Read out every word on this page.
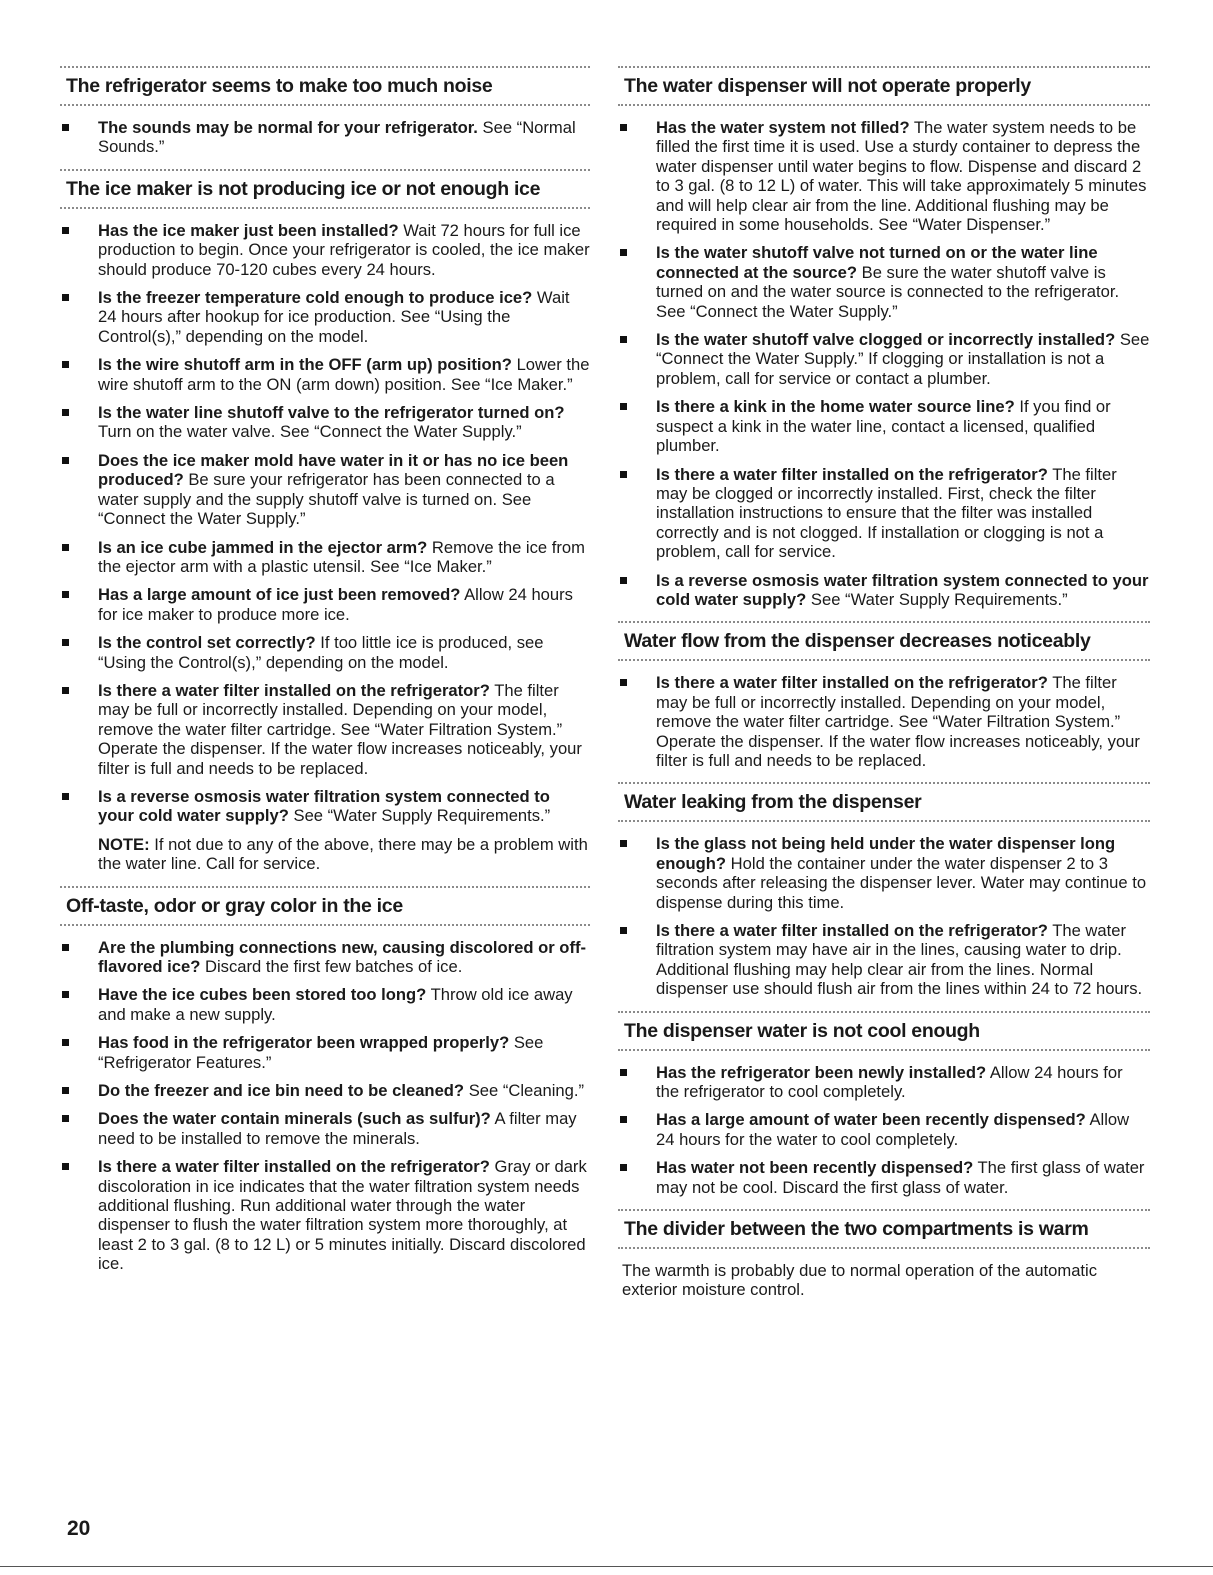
The refrigerator seems to make too much noise
The sounds may be normal for your refrigerator. See “Normal Sounds.”
The ice maker is not producing ice or not enough ice
Has the ice maker just been installed? Wait 72 hours for full ice production to begin. Once your refrigerator is cooled, the ice maker should produce 70-120 cubes every 24 hours.
Is the freezer temperature cold enough to produce ice? Wait 24 hours after hookup for ice production. See “Using the Control(s),” depending on the model.
Is the wire shutoff arm in the OFF (arm up) position? Lower the wire shutoff arm to the ON (arm down) position. See “Ice Maker.”
Is the water line shutoff valve to the refrigerator turned on? Turn on the water valve. See “Connect the Water Supply.”
Does the ice maker mold have water in it or has no ice been produced? Be sure your refrigerator has been connected to a water supply and the supply shutoff valve is turned on. See “Connect the Water Supply.”
Is an ice cube jammed in the ejector arm? Remove the ice from the ejector arm with a plastic utensil. See “Ice Maker.”
Has a large amount of ice just been removed? Allow 24 hours for ice maker to produce more ice.
Is the control set correctly? If too little ice is produced, see “Using the Control(s),” depending on the model.
Is there a water filter installed on the refrigerator? The filter may be full or incorrectly installed. Depending on your model, remove the water filter cartridge. See “Water Filtration System.” Operate the dispenser. If the water flow increases noticeably, your filter is full and needs to be replaced.
Is a reverse osmosis water filtration system connected to your cold water supply? See “Water Supply Requirements.”

NOTE: If not due to any of the above, there may be a problem with the water line. Call for service.

Off-taste, odor or gray color in the ice
Are the plumbing connections new, causing discolored or off-flavored ice? Discard the first few batches of ice.
Have the ice cubes been stored too long? Throw old ice away and make a new supply.
Has food in the refrigerator been wrapped properly? See “Refrigerator Features.”
Do the freezer and ice bin need to be cleaned? See “Cleaning.”
Does the water contain minerals (such as sulfur)? A filter may need to be installed to remove the minerals.
Is there a water filter installed on the refrigerator? Gray or dark discoloration in ice indicates that the water filtration system needs additional flushing. Run additional water through the water dispenser to flush the water filtration system more thoroughly, at least 2 to 3 gal. (8 to 12 L) or 5 minutes initially. Discard discolored ice.
The water dispenser will not operate properly
Has the water system not filled? The water system needs to be filled the first time it is used. Use a sturdy container to depress the water dispenser until water begins to flow. Dispense and discard 2 to 3 gal. (8 to 12 L) of water. This will take approximately 5 minutes and will help clear air from the line. Additional flushing may be required in some households. See “Water Dispenser.”
Is the water shutoff valve not turned on or the water line connected at the source? Be sure the water shutoff valve is turned on and the water source is connected to the refrigerator. See “Connect the Water Supply.”
Is the water shutoff valve clogged or incorrectly installed? See “Connect the Water Supply.” If clogging or installation is not a problem, call for service or contact a plumber.
Is there a kink in the home water source line? If you find or suspect a kink in the water line, contact a licensed, qualified plumber.
Is there a water filter installed on the refrigerator? The filter may be clogged or incorrectly installed. First, check the filter installation instructions to ensure that the filter was installed correctly and is not clogged. If installation or clogging is not a problem, call for service.
Is a reverse osmosis water filtration system connected to your cold water supply? See “Water Supply Requirements.”
Water flow from the dispenser decreases noticeably
Is there a water filter installed on the refrigerator? The filter may be full or incorrectly installed. Depending on your model, remove the water filter cartridge. See “Water Filtration System.” Operate the dispenser. If the water flow increases noticeably, your filter is full and needs to be replaced.
Water leaking from the dispenser
Is the glass not being held under the water dispenser long enough? Hold the container under the water dispenser 2 to 3 seconds after releasing the dispenser lever. Water may continue to dispense during this time.
Is there a water filter installed on the refrigerator? The water filtration system may have air in the lines, causing water to drip. Additional flushing may help clear air from the lines. Normal dispenser use should flush air from the lines within 24 to 72 hours.
The dispenser water is not cool enough
Has the refrigerator been newly installed? Allow 24 hours for the refrigerator to cool completely.
Has a large amount of water been recently dispensed? Allow 24 hours for the water to cool completely.
Has water not been recently dispensed? The first glass of water may not be cool. Discard the first glass of water.
The divider between the two compartments is warm

The warmth is probably due to normal operation of the automatic exterior moisture control.

20
